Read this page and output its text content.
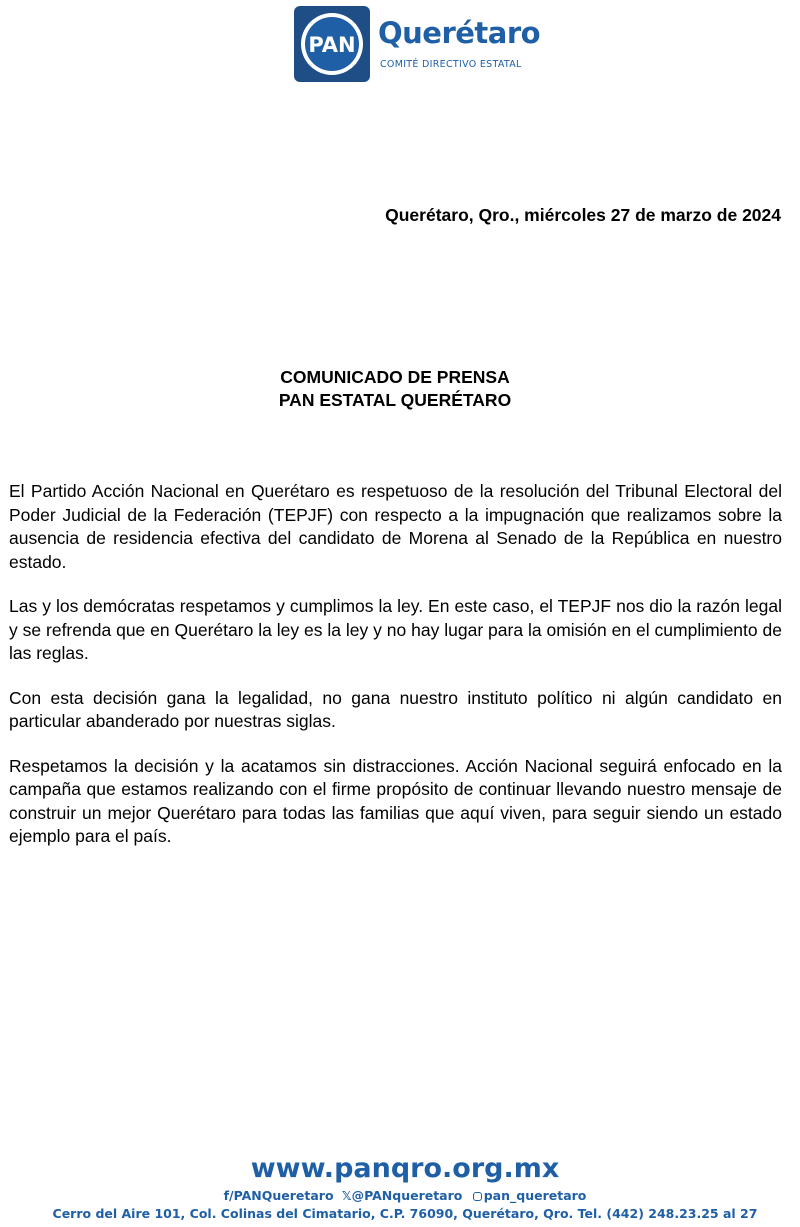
PAN Querétaro
COMITÉ DIRECTIVO ESTATAL
Querétaro, Qro., miércoles 27 de marzo de 2024
COMUNICADO DE PRENSA
PAN ESTATAL QUERÉTARO

El Partido Acción Nacional en Querétaro es respetuoso de la resolución del Tribunal Electoral del Poder Judicial de la Federación (TEPJF) con respecto a la impugnación que realizamos sobre la ausencia de residencia efectiva del candidato de Morena al Senado de la República en nuestro estado.

Las y los demócratas respetamos y cumplimos la ley. En este caso, el TEPJF nos dio la razón legal y se refrenda que en Querétaro la ley es la ley y no hay lugar para la omisión en el cumplimiento de las reglas.

Con esta decisión gana la legalidad, no gana nuestro instituto político ni algún candidato en particular abanderado por nuestras siglas.

Respetamos la decisión y la acatamos sin distracciones. Acción Nacional seguirá enfocado en la campaña que estamos realizando con el firme propósito de continuar llevando nuestro mensaje de construir un mejor Querétaro para todas las familias que aquí viven, para seguir siendo un estado ejemplo para el país.

www.panqro.org.mx
f/PANQueretaro 𝕏@PANqueretaro pan_queretaro
Cerro del Aire 101, Col. Colinas del Cimatario, C.P. 76090, Querétaro, Qro. Tel. (442) 248.23.25 al 27
